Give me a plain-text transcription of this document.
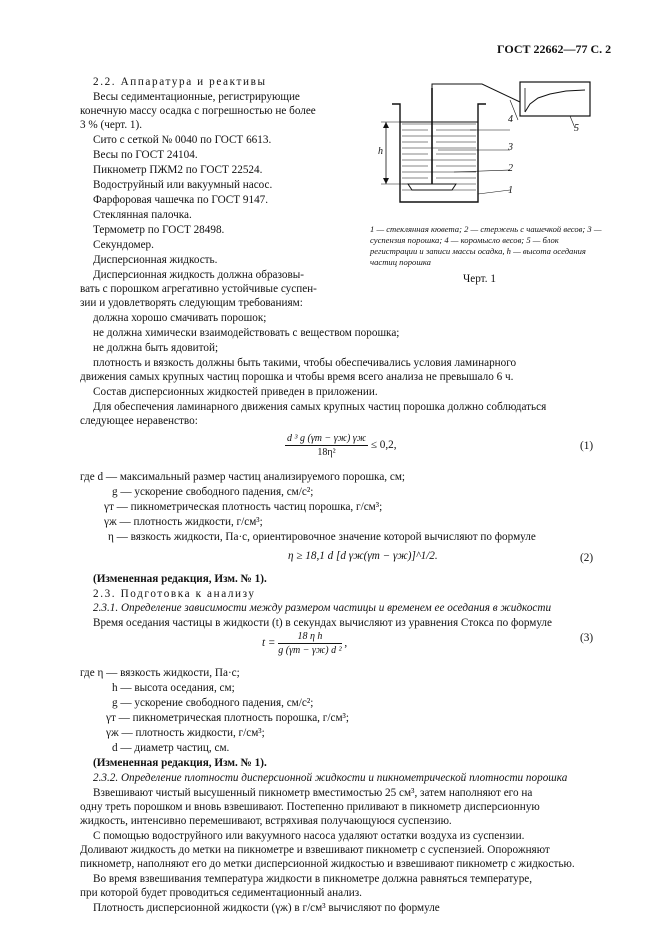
ГОСТ 22662—77 С. 2
2.2. Аппаратура и реактивы
Весы седиментационные, регистрирующие
конечную массу осадка с погрешностью не более
3 % (черт. 1).
Сито с сеткой № 0040 по ГОСТ 6613.
Весы по ГОСТ 24104.
Пикнометр ПЖМ2 по ГОСТ 22524.
Водоструйный или вакуумный насос.
Фарфоровая чашечка по ГОСТ 9147.
Стеклянная палочка.
Термометр по ГОСТ 28498.
Секундомер.
Дисперсионная жидкость.
Дисперсионная жидкость должна образовы-
вать с порошком агрегативно устойчивые суспен-
зии и удовлетворять следующим требованиям:
h
4
5
3
2
1
1 — стеклянная кювета; 2 — стержень с чашечкой весов; 3 — суспензия порошка; 4 — коромысло весов; 5 — блок регистрации и записи массы осадка, h — высота оседания частиц порошка
Черт. 1
должна хорошо смачивать порошок;
не должна химически взаимодействовать с веществом порошка;
не должна быть ядовитой;
плотность и вязкость должны быть такими, чтобы обеспечивались условия ламинарного
движения самых крупных частиц порошка и чтобы время всего анализа не превышало 6 ч.
Состав дисперсионных жидкостей приведен в приложении.
Для обеспечения ламинарного движения самых крупных частиц порошка должно соблюдаться
следующее неравенство:
$\frac{\text{d ³ g (γт − γж) γж}}{\text{18η²}} \le 0,2$,	(1)
где d — максимальный размер частиц анализируемого порошка, см;
g — ускорение свободного падения, см/с²;
γт — пикнометрическая плотность частиц порошка, г/см³;
γж — плотность жидкости, г/см³;
η — вязкость жидкости, Па·с, ориентировочное значение которой вычисляют по формуле
η ≥ 18,1 d [d γж(γт − γж)]^1/2.	(2)
(Измененная редакция, Изм. № 1).
2.3. Подготовка к анализу
2.3.1. Определение зависимости между размером частицы и временем ее оседания в жидкости
Время оседания частицы в жидкости (t) в секундах вычисляют из уравнения Стокса по формуле
$t = \frac{\text{18 η h}}{\text{g (γт − γж) d ²}}$ ,	(3)
где η — вязкость жидкости, Па·с;
h — высота оседания, см;
g — ускорение свободного падения, см/с²;
γт — пикнометрическая плотность порошка, г/см³;
γж — плотность жидкости, г/см³;
d — диаметр частиц, см.
(Измененная редакция, Изм. № 1).
2.3.2. Определение плотности дисперсионной жидкости и пикнометрической плотности порошка
Взвешивают чистый высушенный пикнометр вместимостью 25 см³, затем наполняют его на
одну треть порошком и вновь взвешивают. Постепенно приливают в пикнометр дисперсионную
жидкость, интенсивно перемешивают, встряхивая получающуюся суспензию.
С помощью водоструйного или вакуумного насоса удаляют остатки воздуха из суспензии.
Доливают жидкость до метки на пикнометре и взвешивают пикнометр с суспензией. Опорожняют
пикнометр, наполняют его до метки дисперсионной жидкостью и взвешивают пикнометр с жидкостью.
Во время взвешивания температура жидкости в пикнометре должна равняться температуре,
при которой будет проводиться седиментационный анализ.
Плотность дисперсионной жидкости (γж) в г/см³ вычисляют по формуле
